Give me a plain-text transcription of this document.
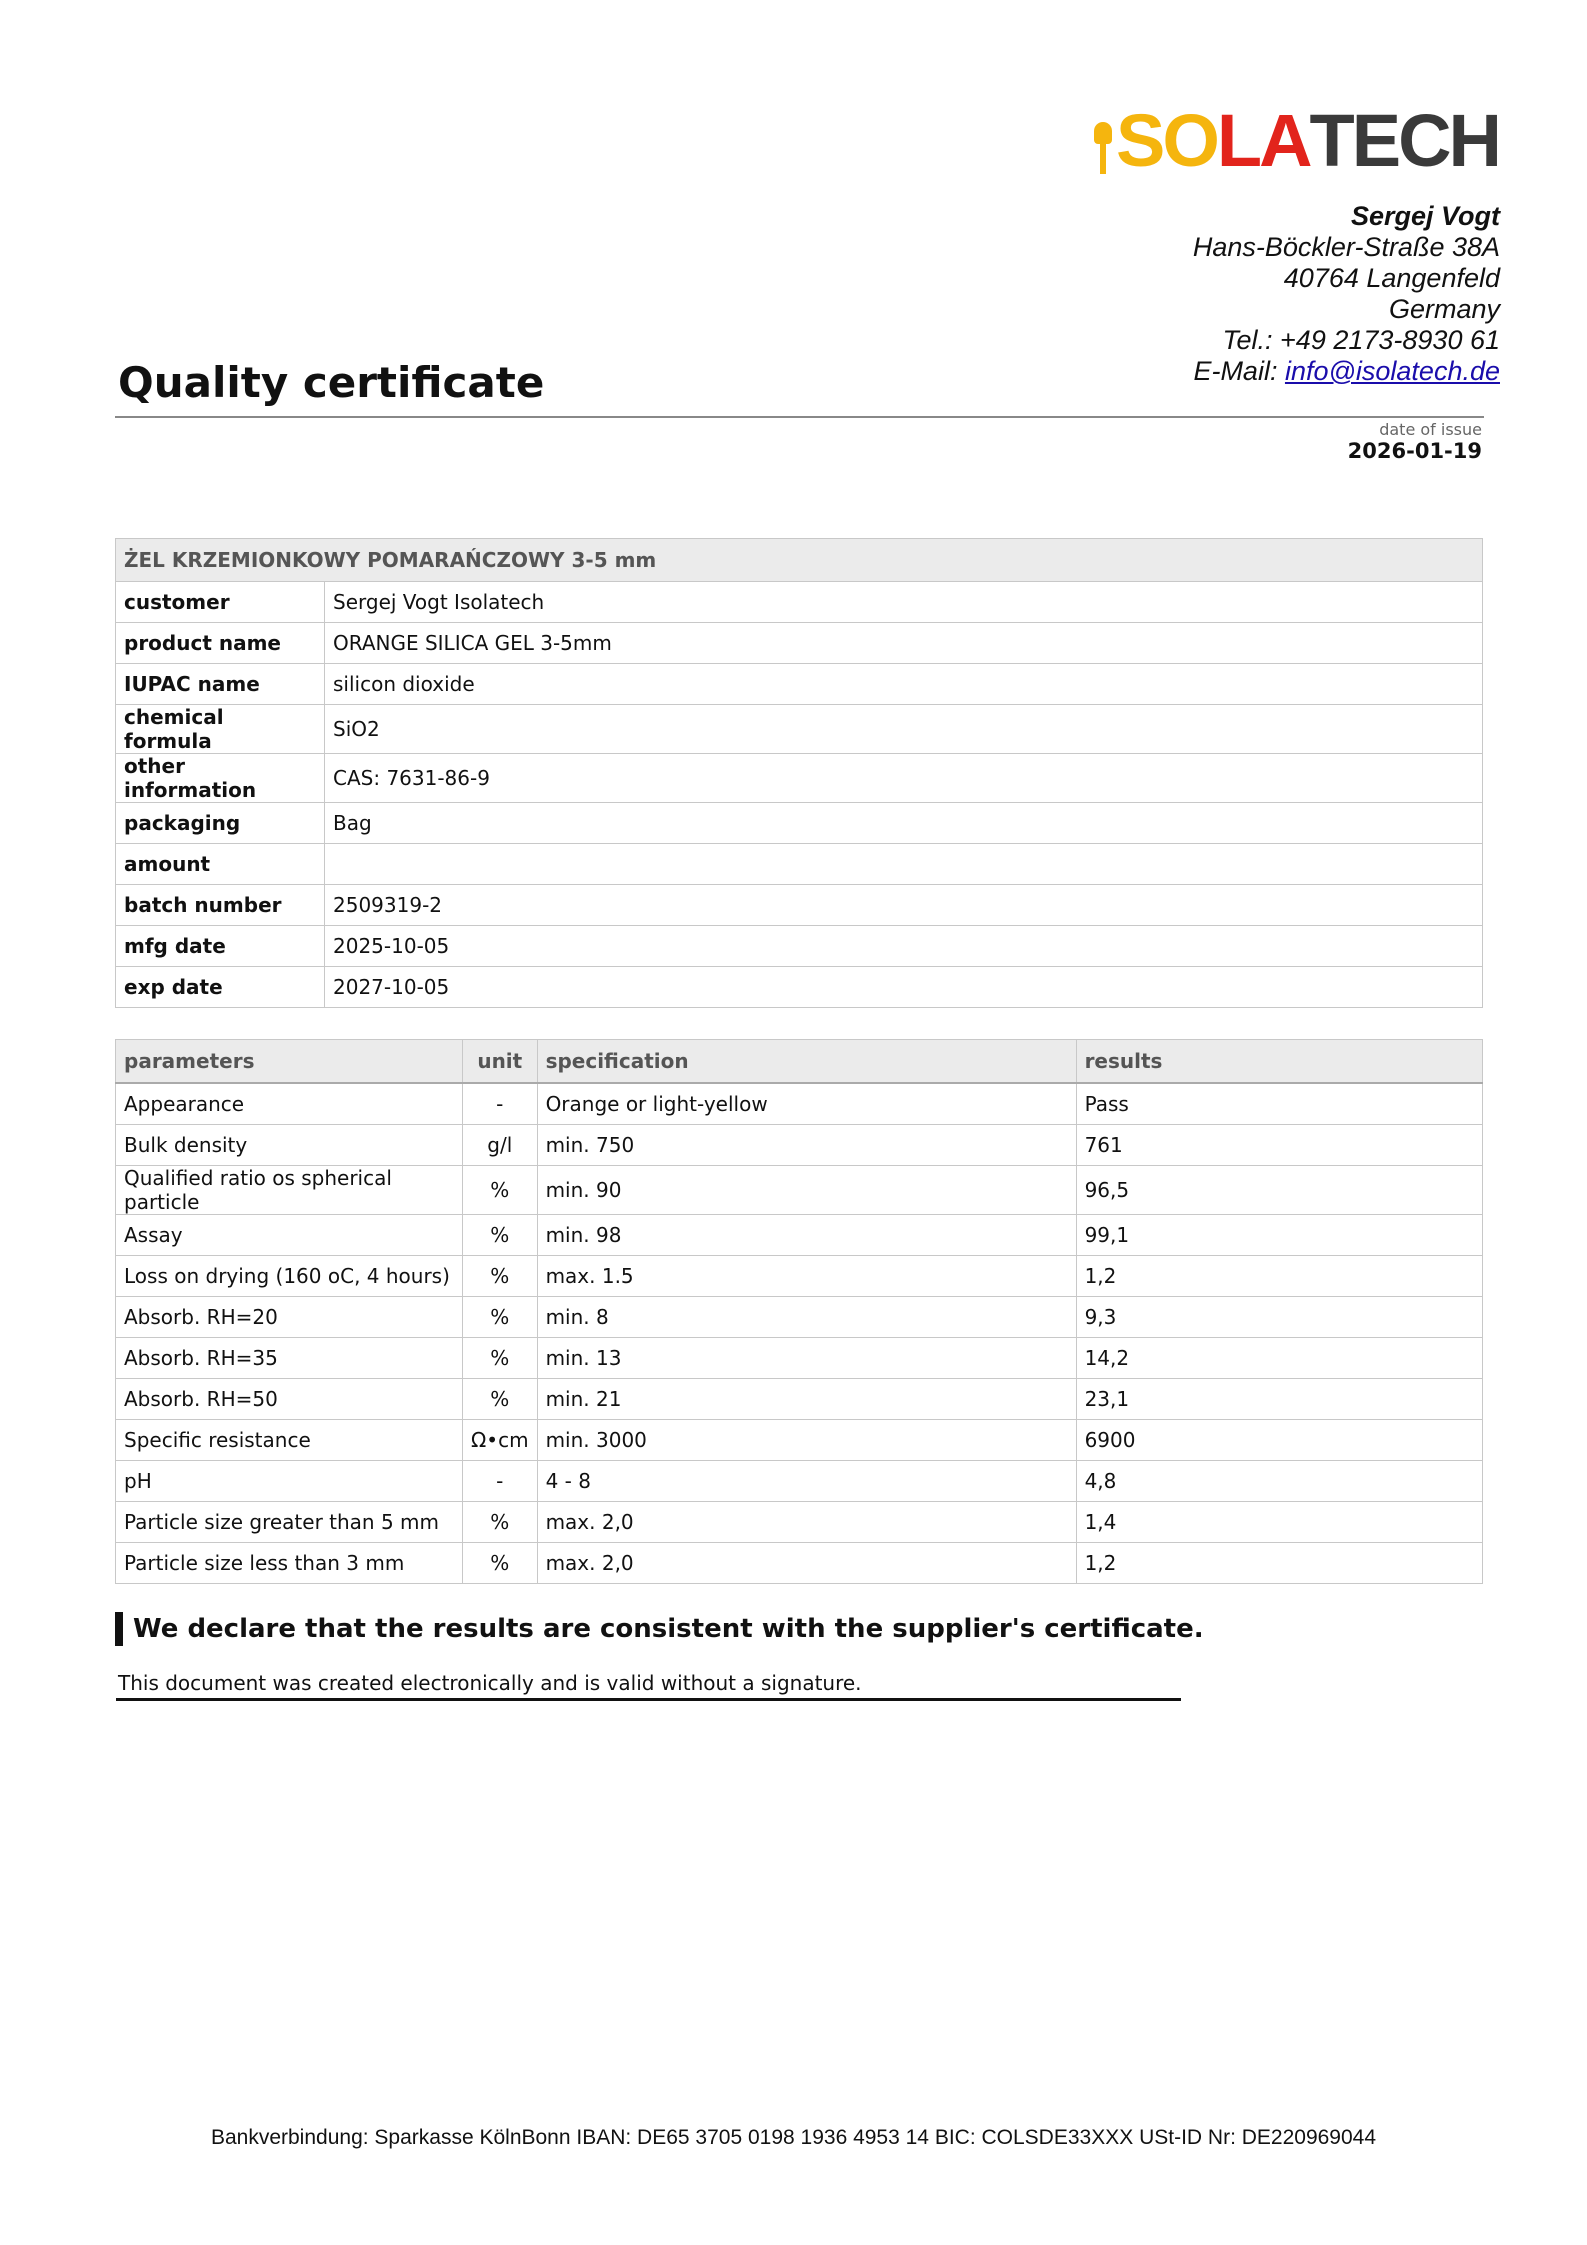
SO LA TECH
Sergej Vogt
Hans-Böckler-Straße 38A
40764 Langenfeld
Germany
Tel.: +49 2173-8930 61
E-Mail: info@isolatech.de
Quality certificate
date of issue
2026-01-19
ŻEL KRZEMIONKOWY POMARAŃCZOWY 3-5 mm	
customer	Sergej Vogt Isolatech
product name	ORANGE SILICA GEL 3-5mm
IUPAC name	silicon dioxide
chemical formula	SiO2
other information	CAS: 7631-86-9
packaging	Bag
amount	
batch number	2509319-2
mfg date	2025-10-05
exp date	2027-10-05
parameters	unit	specification	results
Appearance	-	Orange or light-yellow	Pass
Bulk density	g/l	min. 750	761
Qualified ratio os spherical particle	%	min. 90	96,5
Assay	%	min. 98	99,1
Loss on drying (160 oC, 4 hours)	%	max. 1.5	1,2
Absorb. RH=20	%	min. 8	9,3
Absorb. RH=35	%	min. 13	14,2
Absorb. RH=50	%	min. 21	23,1
Specific resistance	Ω•cm	min. 3000	6900
pH	-	4 - 8	4,8
Particle size greater than 5 mm	%	max. 2,0	1,4
Particle size less than 3 mm	%	max. 2,0	1,2
We declare that the results are consistent with the supplier's certificate.
This document was created electronically and is valid without a signature.
Bankverbindung: Sparkasse KölnBonn IBAN: DE65 3705 0198 1936 4953 14 BIC: COLSDE33XXX USt-ID Nr: DE220969044
